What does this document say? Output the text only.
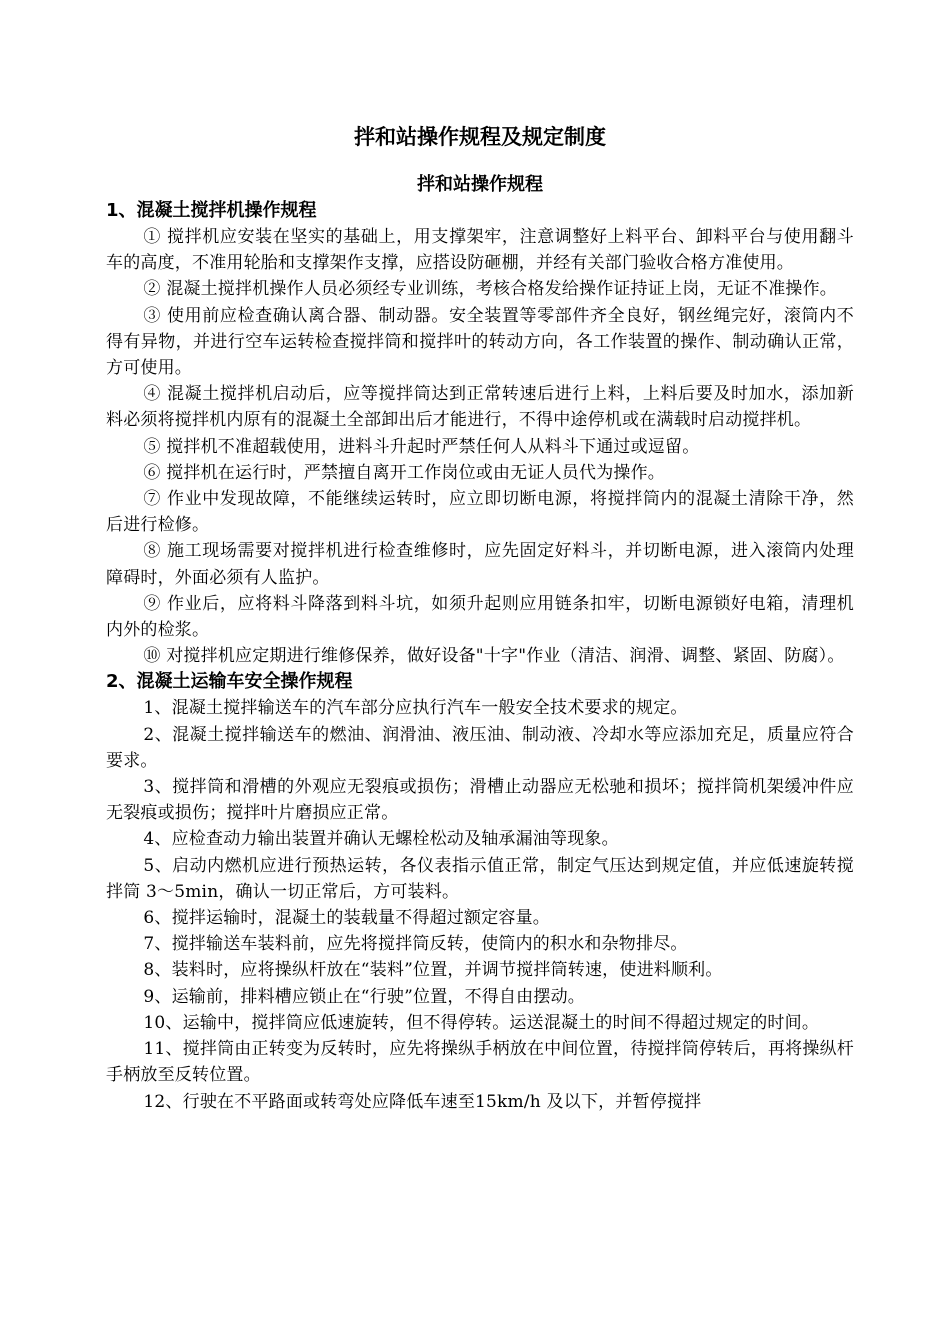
拌和站操作规程及规定制度
拌和站操作规程
1、混凝土搅拌机操作规程

① 搅拌机应安装在坚实的基础上，用支撑架牢，注意调整好上料平台、卸料平台与使用翻斗车的高度，不准用轮胎和支撑架作支撑，应搭设防砸棚，并经有关部门验收合格方准使用。

② 混凝土搅拌机操作人员必须经专业训练，考核合格发给操作证持证上岗，无证不准操作。

③ 使用前应检查确认离合器、制动器。安全装置等零部件齐全良好，钢丝绳完好，滚筒内不得有异物，并进行空车运转检查搅拌筒和搅拌叶的转动方向，各工作装置的操作、制动确认正常，方可使用。

④ 混凝土搅拌机启动后，应等搅拌筒达到正常转速后进行上料，上料后要及时加水，添加新料必须将搅拌机内原有的混凝土全部卸出后才能进行，不得中途停机或在满载时启动搅拌机。

⑤ 搅拌机不准超载使用，进料斗升起时严禁任何人从料斗下通过或逗留。

⑥ 搅拌机在运行时，严禁擅自离开工作岗位或由无证人员代为操作。

⑦ 作业中发现故障，不能继续运转时，应立即切断电源，将搅拌筒内的混凝土清除干净，然后进行检修。

⑧ 施工现场需要对搅拌机进行检查维修时，应先固定好料斗，并切断电源，进入滚筒内处理障碍时，外面必须有人监护。

⑨ 作业后，应将料斗降落到料斗坑，如须升起则应用链条扣牢，切断电源锁好电箱，清理机内外的检浆。

⑩ 对搅拌机应定期进行维修保养，做好设备"十字"作业（清洁、润滑、调整、紧固、防腐）。

2、混凝土运输车安全操作规程

1、混凝土搅拌输送车的汽车部分应执行汽车一般安全技术要求的规定。

2、混凝土搅拌输送车的燃油、润滑油、液压油、制动液、冷却水等应添加充足，质量应符合要求。

3、搅拌筒和滑槽的外观应无裂痕或损伤；滑槽止动器应无松驰和损坏；搅拌筒机架缓冲件应无裂痕或损伤；搅拌叶片磨损应正常。

4、应检查动力输出装置并确认无螺栓松动及轴承漏油等现象。

5、启动内燃机应进行预热运转，各仪表指示值正常，制定气压达到规定值，并应低速旋转搅拌筒 3～5min，确认一切正常后，方可装料。

6、搅拌运输时，混凝土的装载量不得超过额定容量。

7、搅拌输送车装料前，应先将搅拌筒反转，使筒内的积水和杂物排尽。

8、装料时，应将操纵杆放在“装料”位置，并调节搅拌筒转速，使进料顺利。

9、运输前，排料槽应锁止在“行驶”位置，不得自由摆动。

10、运输中，搅拌筒应低速旋转，但不得停转。运送混凝土的时间不得超过规定的时间。

11、搅拌筒由正转变为反转时，应先将操纵手柄放在中间位置，待搅拌筒停转后，再将操纵杆手柄放至反转位置。

12、行驶在不平路面或转弯处应降低车速至15km/h 及以下，并暂停搅拌
